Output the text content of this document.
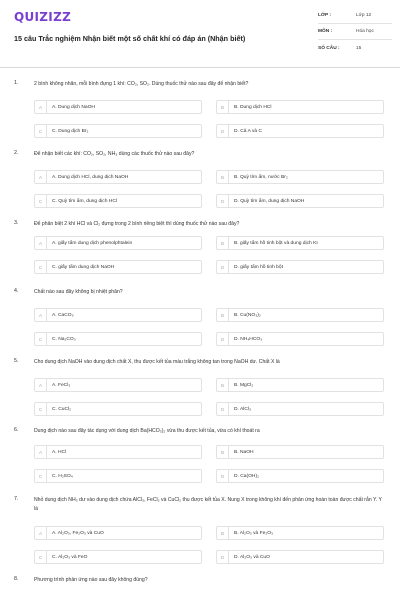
QUIZIZZ
15 câu Trắc nghiệm Nhận biết một số chất khí có đáp án (Nhận biết)
LỚP :	Lớp 12
MÔN :	Hóa học
SỐ CÂU :	15
1.	2 bình không nhãn, mỗi bình đựng 1 khí: CO₂, SO₂. Dùng thuốc thử nào sau đây để nhận biết?
A	A. Dung dịch NaOH	B	B. Dung dịch HCl
C	C. Dung dịch Br₂	D	D. Cả A và C
2.	Để nhận biết các khí: CO₂, SO₂, NH₃ dùng các thuốc thử nào sau đây?
A	A. Dung dịch HCl, dung dịch NaOH	B	B. Quỳ tím ẩm, nước Br₂
C	C. Quỳ tím ẩm, dung dịch HCl	D	D. Quỳ tím ẩm, dung dịch NaOH
3.	Để phân biệt 2 khí HCl và Cl₂ đựng trong 2 bình riêng biệt thì dùng thuốc thử nào sau đây?
A	A. giấy tẩm dung dịch phenolphtalein	B	B. giấy tẩm hồ tinh bột và dung dịch KI
C	C. giấy tẩm dung dịch NaOH	D	D. giấy tẩm hồ tinh bột
4.	Chất nào sau đây không bị nhiệt phân?
A	A. CaCO₃	B	B. Cu(NO₃)₂
C	C. Na₂CO₃	D	D. NH₄HCO₃
5.	Cho dung dịch NaOH vào dung dịch chất X, thu được kết tủa màu trắng không tan trong NaOH dư. Chất X là
A	A. FeCl₃	B	B. MgCl₂
C	C. CuCl₂	D	D. AlCl₃
6.	Dung dịch nào sau đây tác dụng với dung dịch Ba(HCO₃)₂ vừa thu được kết tủa, vừa có khí thoát ra
A	A. HCl	B	B. NaOH
C	C. H₂SO₄	D	D. Ca(OH)₂
7.	Nhỏ dung dịch NH₃ dư vào dung dịch chứa AlCl₃, FeCl₂ và CuCl₂ thu được kết tủa X. Nung X trong không khí đến phản ứng hoàn toàn được chất rắn Y. Y là
A	A. Al₂O₃, Fe₂O₃ và CuO	B	B. Al₂O₃ và Fe₂O₃
C	C. Al₂O₃ và FeO	D	D. Al₂O₃ và CuO
8.	Phương trình phản ứng nào sau đây không đúng?
